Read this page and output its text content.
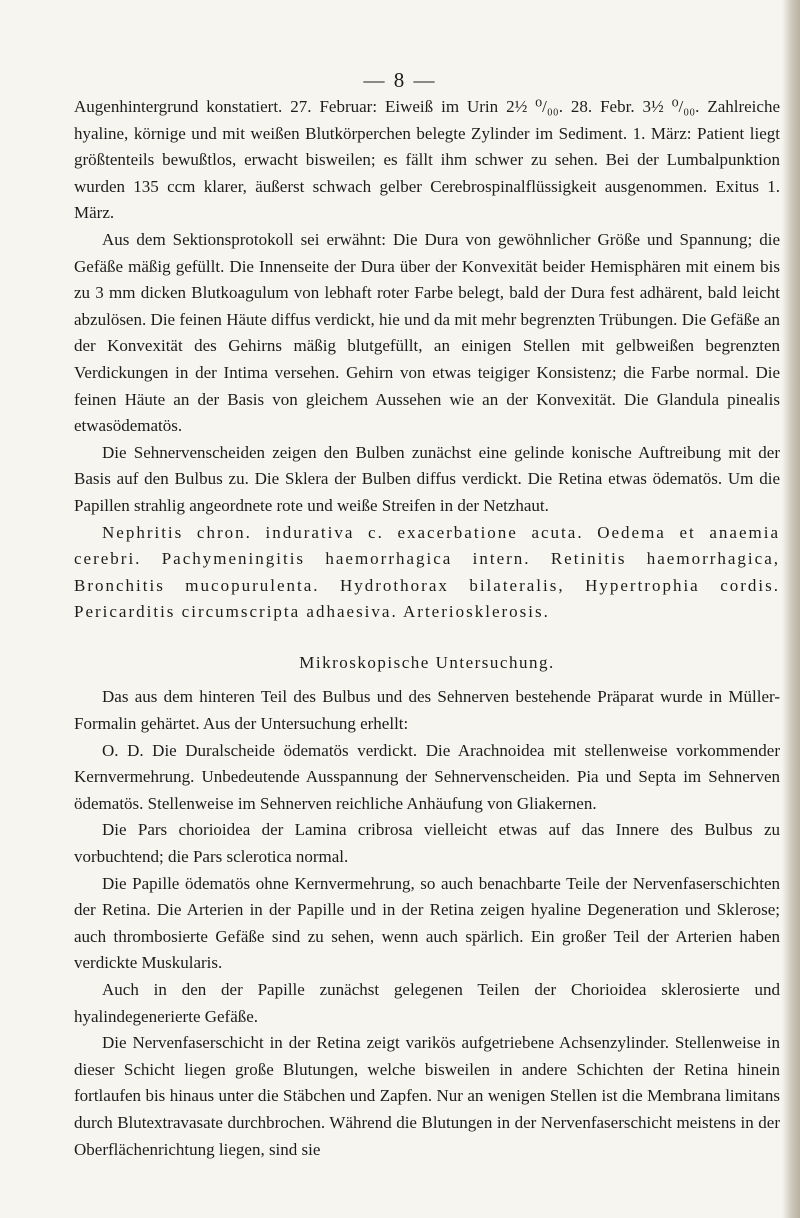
— 8 —

Augenhintergrund konstatiert. 27. Februar: Eiweiß im Urin 2½ ⁰/₀₀. 28. Febr. 3½ ⁰/₀₀. Zahlreiche hyaline, körnige und mit weißen Blutkörperchen belegte Zylinder im Sediment. 1. März: Patient liegt größtenteils bewußtlos, erwacht bisweilen; es fällt ihm schwer zu sehen. Bei der Lumbalpunktion wurden 135 ccm klarer, äußerst schwach gelber Cerebrospinalflüssigkeit ausgenommen. Exitus 1. März.

Aus dem Sektionsprotokoll sei erwähnt: Die Dura von gewöhnlicher Größe und Spannung; die Gefäße mäßig gefüllt. Die Innenseite der Dura über der Konvexität beider Hemisphären mit einem bis zu 3 mm dicken Blutkoagulum von lebhaft roter Farbe belegt, bald der Dura fest adhärent, bald leicht abzulösen. Die feinen Häute diffus verdickt, hie und da mit mehr begrenzten Trübungen. Die Gefäße an der Konvexität des Gehirns mäßig blutgefüllt, an einigen Stellen mit gelbweißen begrenzten Verdickungen in der Intima versehen. Gehirn von etwas teigiger Konsistenz; die Farbe normal. Die feinen Häute an der Basis von gleichem Aussehen wie an der Konvexität. Die Glandula pinealis etwasödematös.

Die Sehnervenscheiden zeigen den Bulben zunächst eine gelinde konische Auftreibung mit der Basis auf den Bulbus zu. Die Sklera der Bulben diffus verdickt. Die Retina etwas ödematös. Um die Papillen strahlig angeordnete rote und weiße Streifen in der Netzhaut.

Nephritis chron. indurativa c. exacerbatione acuta. Oedema et anaemia cerebri. Pachymeningitis haemorrhagica intern. Retinitis haemorrhagica, Bronchitis mucopurulenta. Hydrothorax bilateralis, Hypertrophia cordis. Pericarditis circumscripta adhaesiva. Arteriosklerosis.

Mikroskopische Untersuchung.

Das aus dem hinteren Teil des Bulbus und des Sehnerven bestehende Präparat wurde in Müller-Formalin gehärtet. Aus der Untersuchung erhellt:

O. D. Die Duralscheide ödematös verdickt. Die Arachnoidea mit stellenweise vorkommender Kernvermehrung. Unbedeutende Ausspannung der Sehnervenscheiden. Pia und Septa im Sehnerven ödematös. Stellenweise im Sehnerven reichliche Anhäufung von Gliakernen.

Die Pars chorioidea der Lamina cribrosa vielleicht etwas auf das Innere des Bulbus zu vorbuchtend; die Pars sclerotica normal.

Die Papille ödematös ohne Kernvermehrung, so auch benachbarte Teile der Nervenfaserschichten der Retina. Die Arterien in der Papille und in der Retina zeigen hyaline Degeneration und Sklerose; auch thrombosierte Gefäße sind zu sehen, wenn auch spärlich. Ein großer Teil der Arterien haben verdickte Muskularis.

Auch in den der Papille zunächst gelegenen Teilen der Chorioidea sklerosierte und hyalindegenerierte Gefäße.

Die Nervenfaserschicht in der Retina zeigt varikös aufgetriebene Achsenzylinder. Stellenweise in dieser Schicht liegen große Blutungen, welche bisweilen in andere Schichten der Retina hinein fortlaufen bis hinaus unter die Stäbchen und Zapfen. Nur an wenigen Stellen ist die Membrana limitans durch Blutextravasate durchbrochen. Während die Blutungen in der Nervenfaserschicht meistens in der Oberflächenrichtung liegen, sind sie
